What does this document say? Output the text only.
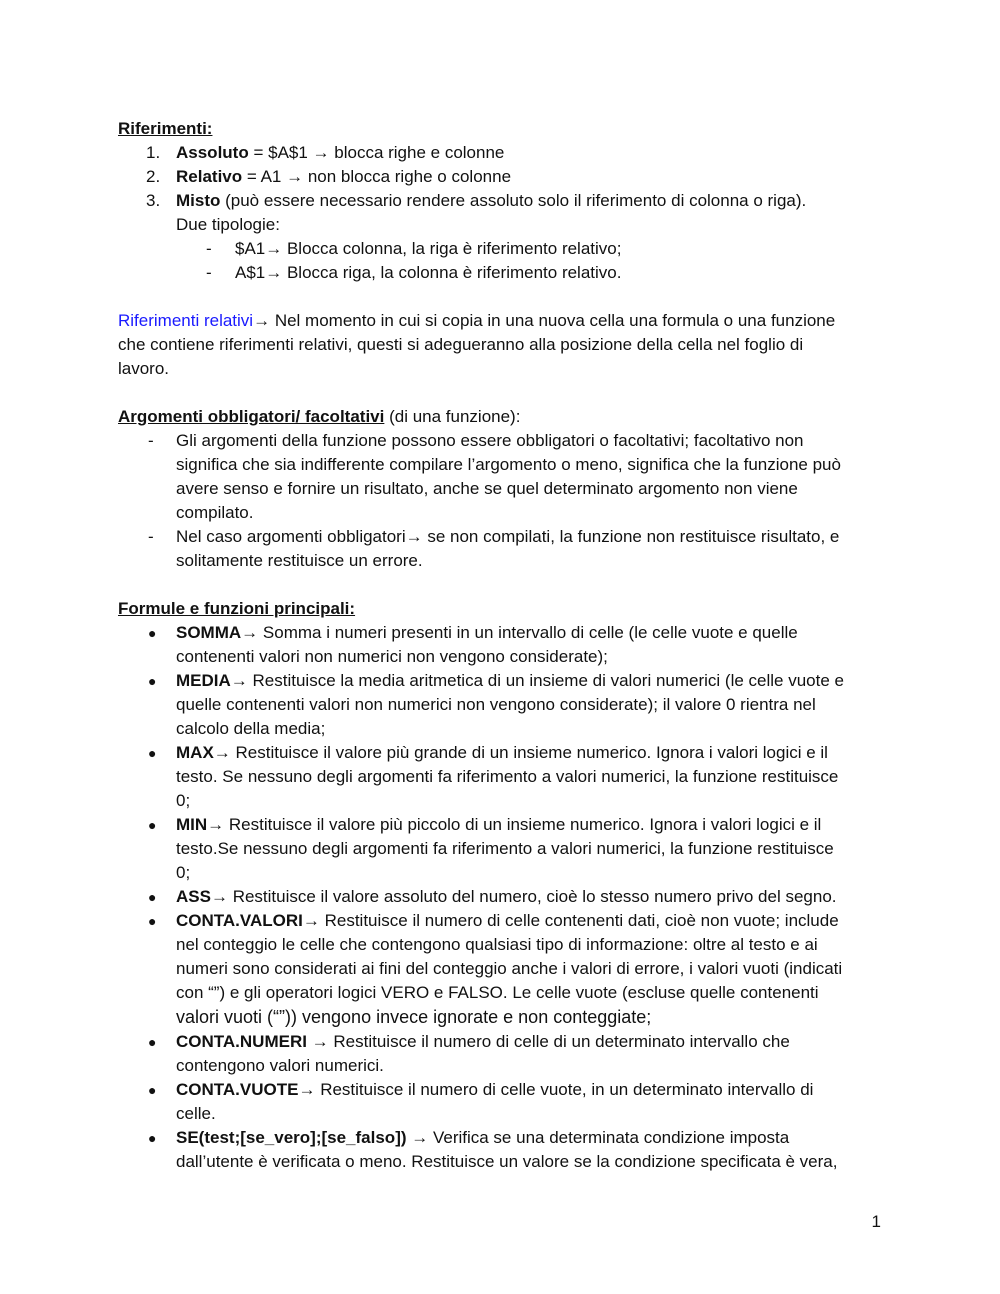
Riferimenti:
1. Assoluto = $A$1 → blocca righe e colonne
2. Relativo = A1 → non blocca righe o colonne
3. Misto (può essere necessario rendere assoluto solo il riferimento di colonna o riga).
Due tipologie:
- $A1→ Blocca colonna, la riga è riferimento relativo;
- A$1→ Blocca riga, la colonna è riferimento relativo.
Riferimenti relativi→ Nel momento in cui si copia in una nuova cella una formula o una funzione
che contiene riferimenti relativi, questi si adegueranno alla posizione della cella nel foglio di
lavoro.
Argomenti obbligatori/ facoltativi (di una funzione):
- Gli argomenti della funzione possono essere obbligatori o facoltativi; facoltativo non
significa che sia indifferente compilare l’argomento o meno, significa che la funzione può
avere senso e fornire un risultato, anche se quel determinato argomento non viene
compilato.
- Nel caso argomenti obbligatori→ se non compilati, la funzione non restituisce risultato, e
solitamente restituisce un errore.
Formule e funzioni principali:
● SOMMA→ Somma i numeri presenti in un intervallo di celle (le celle vuote e quelle
contenenti valori non numerici non vengono considerate);
● MEDIA→ Restituisce la media aritmetica di un insieme di valori numerici (le celle vuote e
quelle contenenti valori non numerici non vengono considerate); il valore 0 rientra nel
calcolo della media;
● MAX→ Restituisce il valore più grande di un insieme numerico. Ignora i valori logici e il
testo. Se nessuno degli argomenti fa riferimento a valori numerici, la funzione restituisce
0;
● MIN→ Restituisce il valore più piccolo di un insieme numerico. Ignora i valori logici e il
testo.Se nessuno degli argomenti fa riferimento a valori numerici, la funzione restituisce
0;
● ASS→ Restituisce il valore assoluto del numero, cioè lo stesso numero privo del segno.
● CONTA.VALORI→ Restituisce il numero di celle contenenti dati, cioè non vuote; include
nel conteggio le celle che contengono qualsiasi tipo di informazione: oltre al testo e ai
numeri sono considerati ai fini del conteggio anche i valori di errore, i valori vuoti (indicati
con “”) e gli operatori logici VERO e FALSO. Le celle vuote (escluse quelle contenenti
valori vuoti (“”)) vengono invece ignorate e non conteggiate;
● CONTA.NUMERI → Restituisce il numero di celle di un determinato intervallo che
contengono valori numerici.
● CONTA.VUOTE→ Restituisce il numero di celle vuote, in un determinato intervallo di
celle.
● SE(test;[se_vero];[se_falso]) → Verifica se una determinata condizione imposta
dall’utente è verificata o meno. Restituisce un valore se la condizione specificata è vera,
1
